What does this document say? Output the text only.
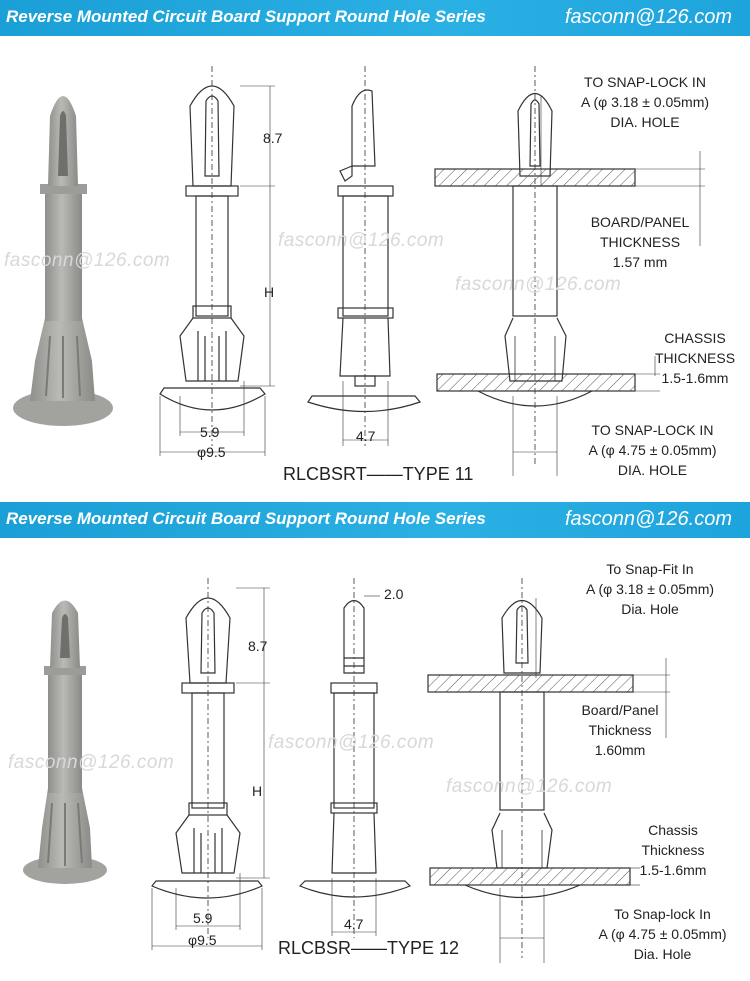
Reverse Mounted Circuit Board Support Round Hole Series	fasconn@126.com
8.7
H
5.9
φ9.5
4.7
TO SNAP-LOCK IN
A (φ 3.18 ± 0.05mm)
DIA. HOLE
BOARD/PANEL
THICKNESS
1.57 mm
CHASSIS
THICKNESS
1.5-1.6mm
TO SNAP-LOCK IN
A (φ 4.75 ± 0.05mm)
DIA. HOLE
RLCBSRT——TYPE 11
fasconn@126.com
fasconn@126.com
fasconn@126.com
Reverse Mounted Circuit Board Support Round Hole Series	fasconn@126.com
2.0
8.7
H
5.9
φ9.5
4.7
To Snap-Fit In
A (φ 3.18 ± 0.05mm)
Dia. Hole
Board/Panel
Thickness
1.60mm
Chassis
Thickness
1.5-1.6mm
To Snap-lock In
A (φ 4.75 ± 0.05mm)
Dia. Hole
RLCBSR——TYPE 12
fasconn@126.com
fasconn@126.com
fasconn@126.com
